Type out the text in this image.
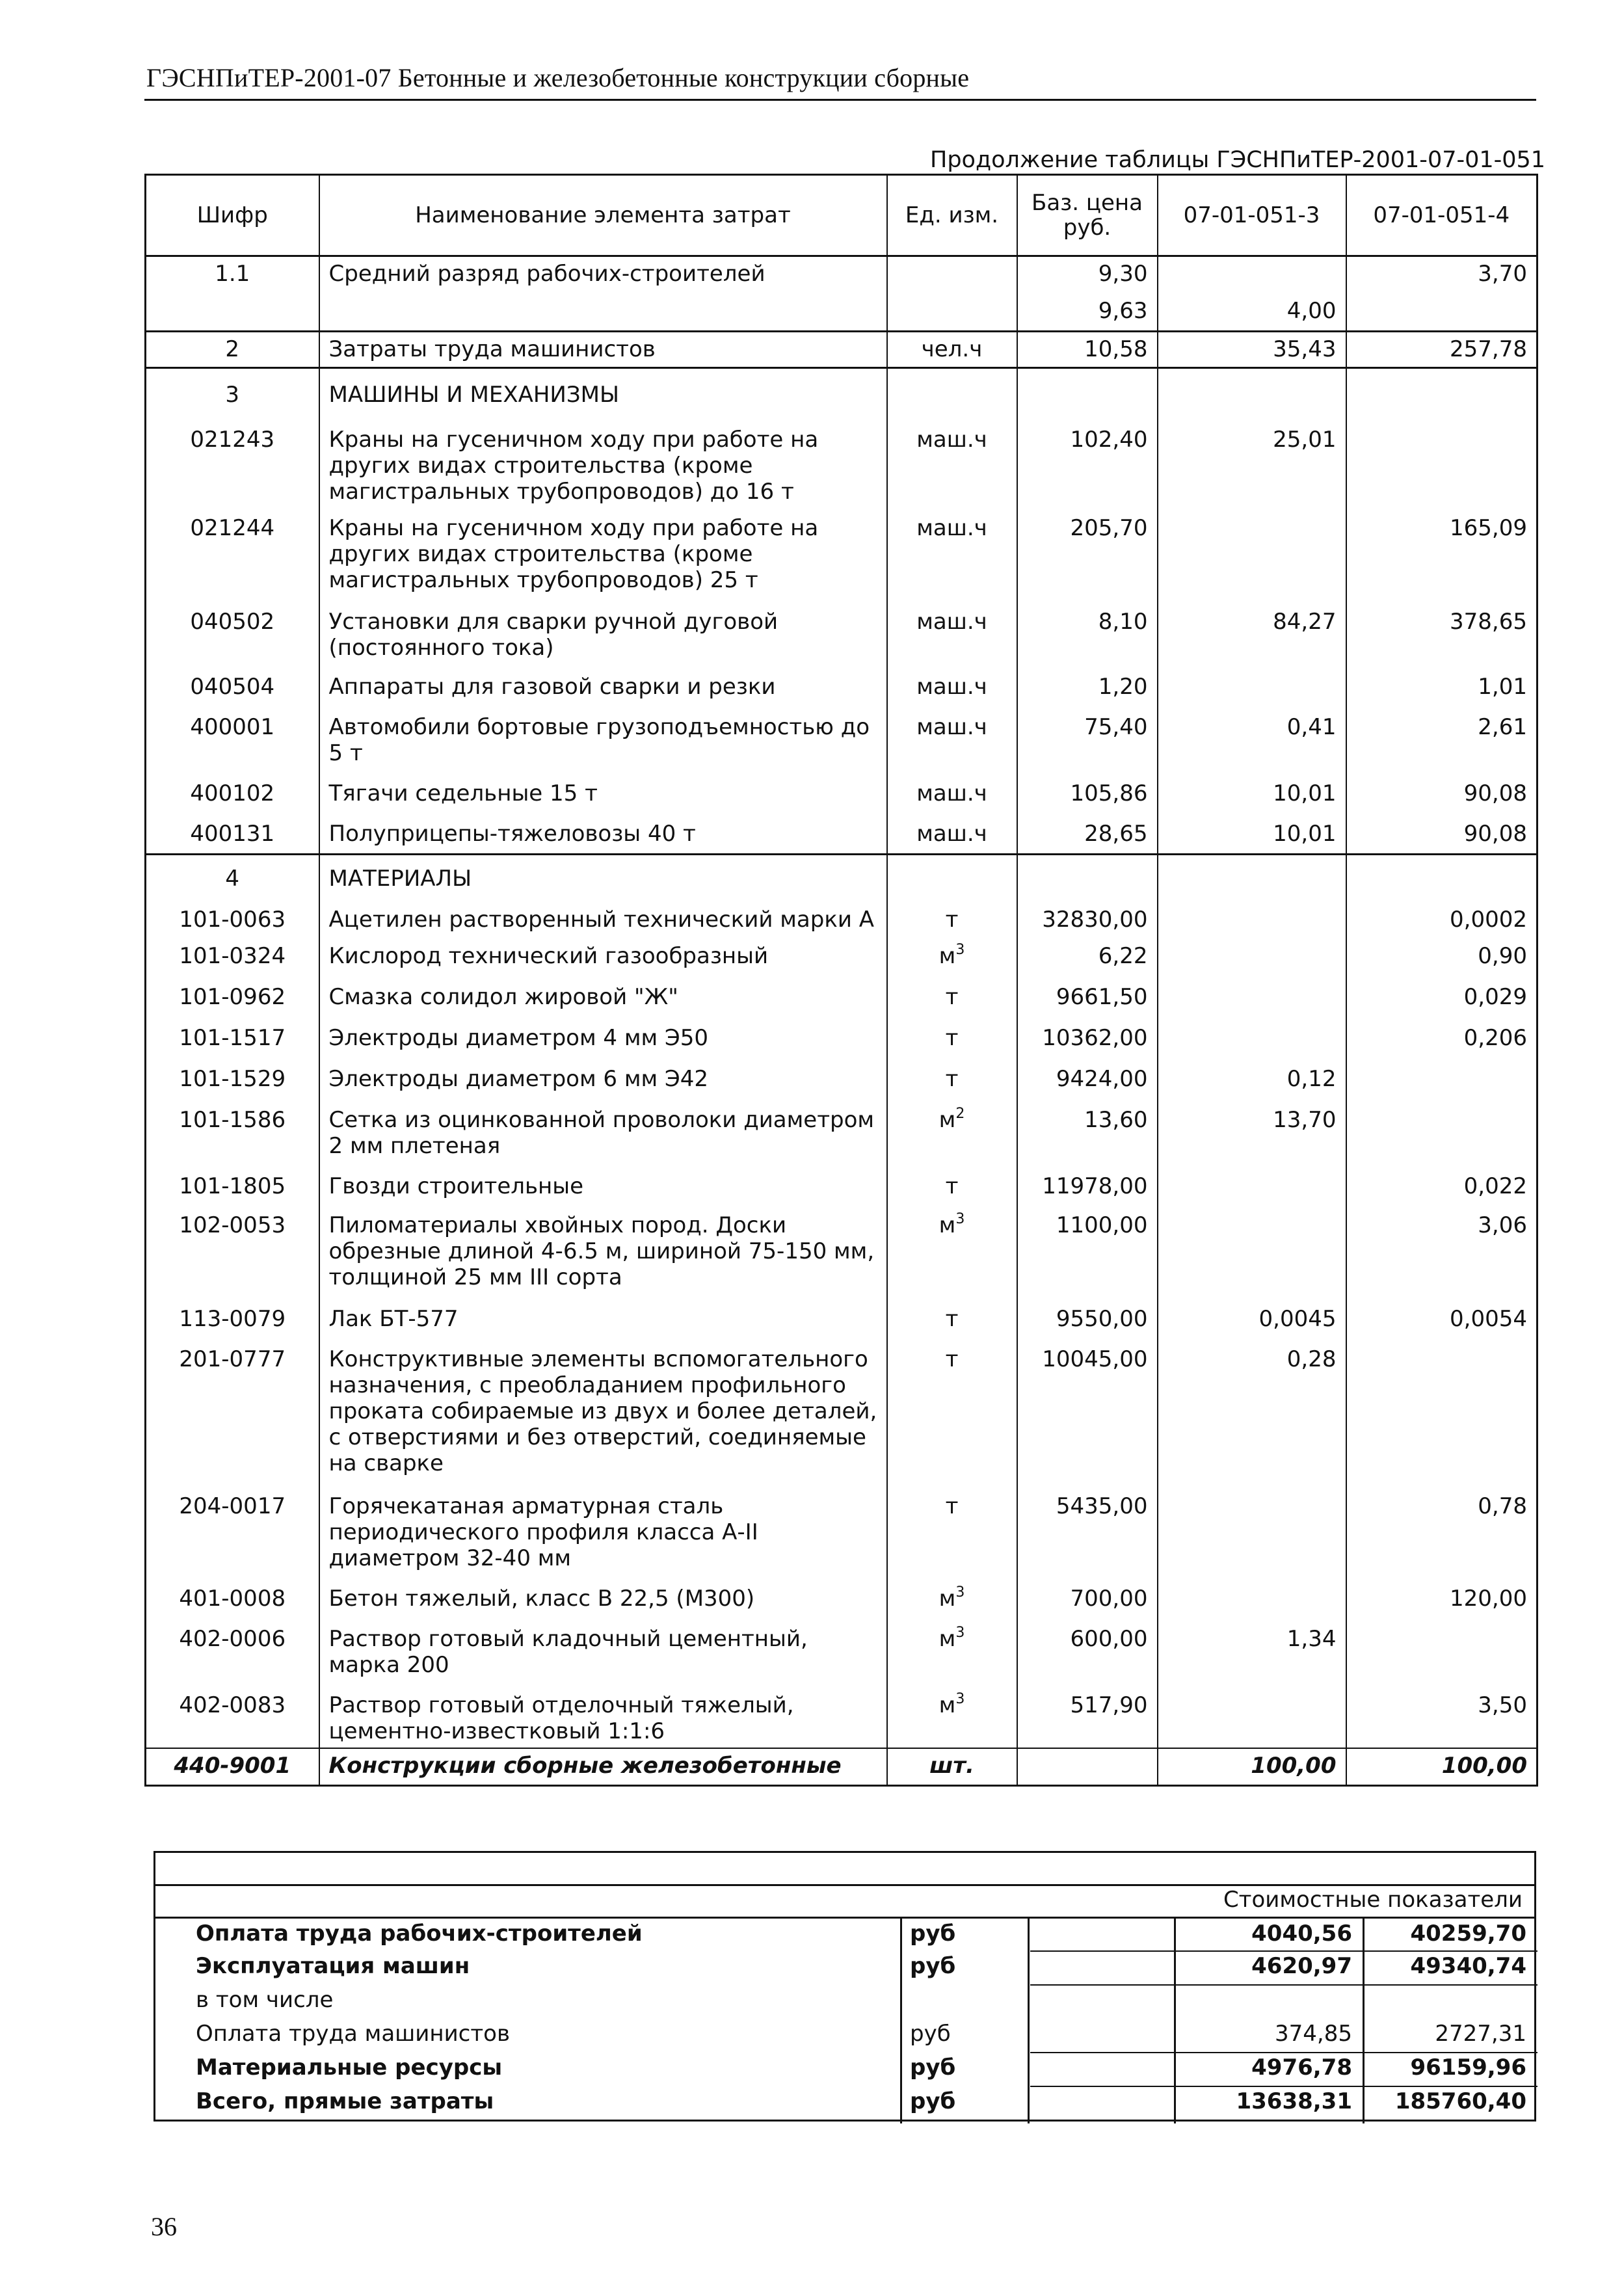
ГЭСНПиТЕР-2001-07 Бетонные и железобетонные конструкции сборные
Продолжение таблицы ГЭСНПиТЕР-2001-07-01-051
Шифр	Наименование элемента затрат	Ед. изм.	Баз. цена руб.	07-01-051-3	07-01-051-4
1.1	Средний разряд рабочих-строителей		9,30		3,70
			9,63	4,00	
2	Затраты труда машинистов	чел.ч	10,58	35,43	257,78
3	МАШИНЫ И МЕХАНИЗМЫ				
021243	Краны на гусеничном ходу при работе на других видах строительства (кроме магистральных трубопроводов) до 16 т	маш.ч	102,40	25,01	
021244	Краны на гусеничном ходу при работе на других видах строительства (кроме магистральных трубопроводов) 25 т	маш.ч	205,70		165,09
040502	Установки для сварки ручной дуговой (постоянного тока)	маш.ч	8,10	84,27	378,65
040504	Аппараты для газовой сварки и резки	маш.ч	1,20		1,01
400001	Автомобили бортовые грузоподъемностью до 5 т	маш.ч	75,40	0,41	2,61
400102	Тягачи седельные 15 т	маш.ч	105,86	10,01	90,08
400131	Полуприцепы-тяжеловозы 40 т	маш.ч	28,65	10,01	90,08
4	МАТЕРИАЛЫ				
101-0063	Ацетилен растворенный технический марки А	т	32830,00		0,0002
101-0324	Кислород технический газообразный	$м^3$	6,22		0,90
101-0962	Смазка солидол жировой "Ж"	т	9661,50		0,029
101-1517	Электроды диаметром 4 мм Э50	т	10362,00		0,206
101-1529	Электроды диаметром 6 мм Э42	т	9424,00	0,12	
101-1586	Сетка из оцинкованной проволоки диаметром 2 мм плетеная	$м^2$	13,60	13,70	
101-1805	Гвозди строительные	т	11978,00		0,022
102-0053	Пиломатериалы хвойных пород. Доски обрезные длиной 4-6.5 м, шириной 75-150 мм, толщиной 25 мм III сорта	$м^3$	1100,00		3,06
113-0079	Лак БТ-577	т	9550,00	0,0045	0,0054
201-0777	Конструктивные элементы вспомогательного назначения, с преобладанием профильного проката собираемые из двух и более деталей, с отверстиями и без отверстий, соединяемые на сварке	т	10045,00	0,28	
204-0017	Горячекатаная арматурная сталь периодического профиля класса А-II диаметром 32-40 мм	т	5435,00		0,78
401-0008	Бетон тяжелый, класс В 22,5 (М300)	$м^3$	700,00		120,00
402-0006	Раствор готовый кладочный цементный, марка 200	$м^3$	600,00	1,34	
402-0083	Раствор готовый отделочный тяжелый, цементно-известковый 1:1:6	$м^3$	517,90		3,50
440-9001	Конструкции сборные железобетонные	шт.		100,00	100,00
Стоимостные показатели
Оплата труда рабочих-строителей	руб	4040,56	40259,70
Эксплуатация машин	руб	4620,97	49340,74
в том числе
Оплата труда машинистов	руб	374,85	2727,31
Материальные ресурсы	руб	4976,78	96159,96
Всего, прямые затраты	руб	13638,31	185760,40
36
